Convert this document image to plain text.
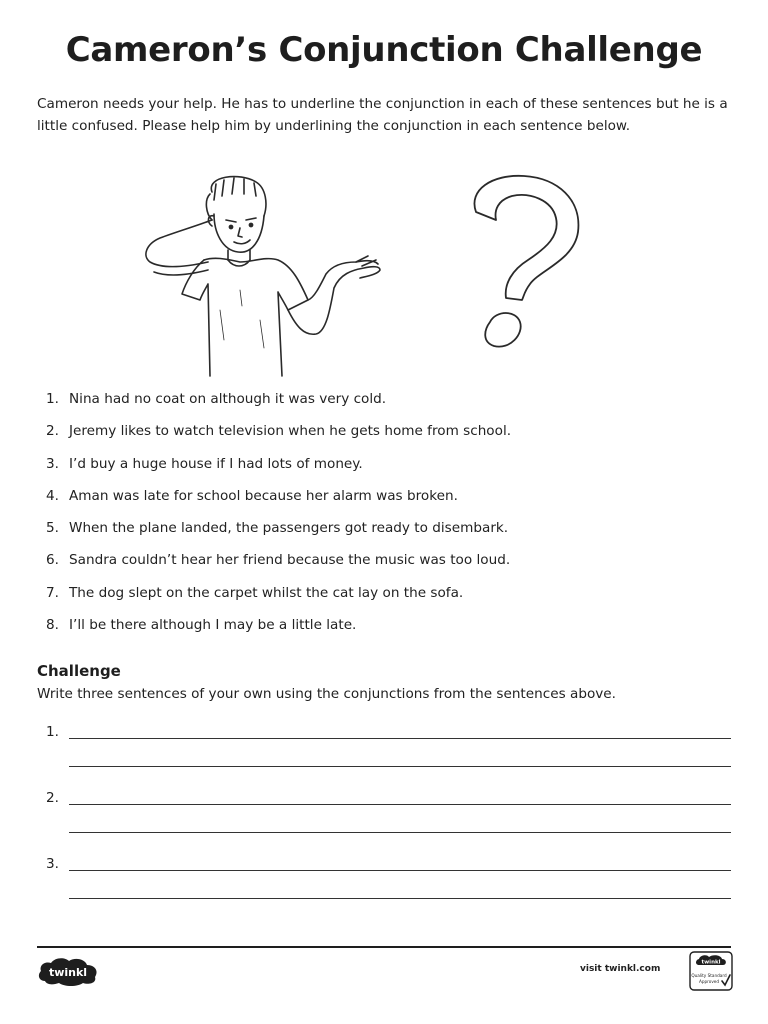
Cameron’s Conjunction Challenge
Cameron needs your help. He has to underline the conjunction in each of these sentences but he is a little confused. Please help him by underlining the conjunction in each sentence below.
1. Nina had no coat on although it was very cold.
2. Jeremy likes to watch television when he gets home from school.
3. I’d buy a huge house if I had lots of money.
4. Aman was late for school because her alarm was broken.
5. When the plane landed, the passengers got ready to disembark.
6. Sandra couldn’t hear her friend because the music was too loud.
7. The dog slept on the carpet whilst the cat lay on the sofa.
8. I’ll be there although I may be a little late.
Challenge
Write three sentences of your own using the conjunctions from the sentences above.
1.
2.
3.
twinkl	visit twinkl.com
twinkl
Quality Standard
Approved
